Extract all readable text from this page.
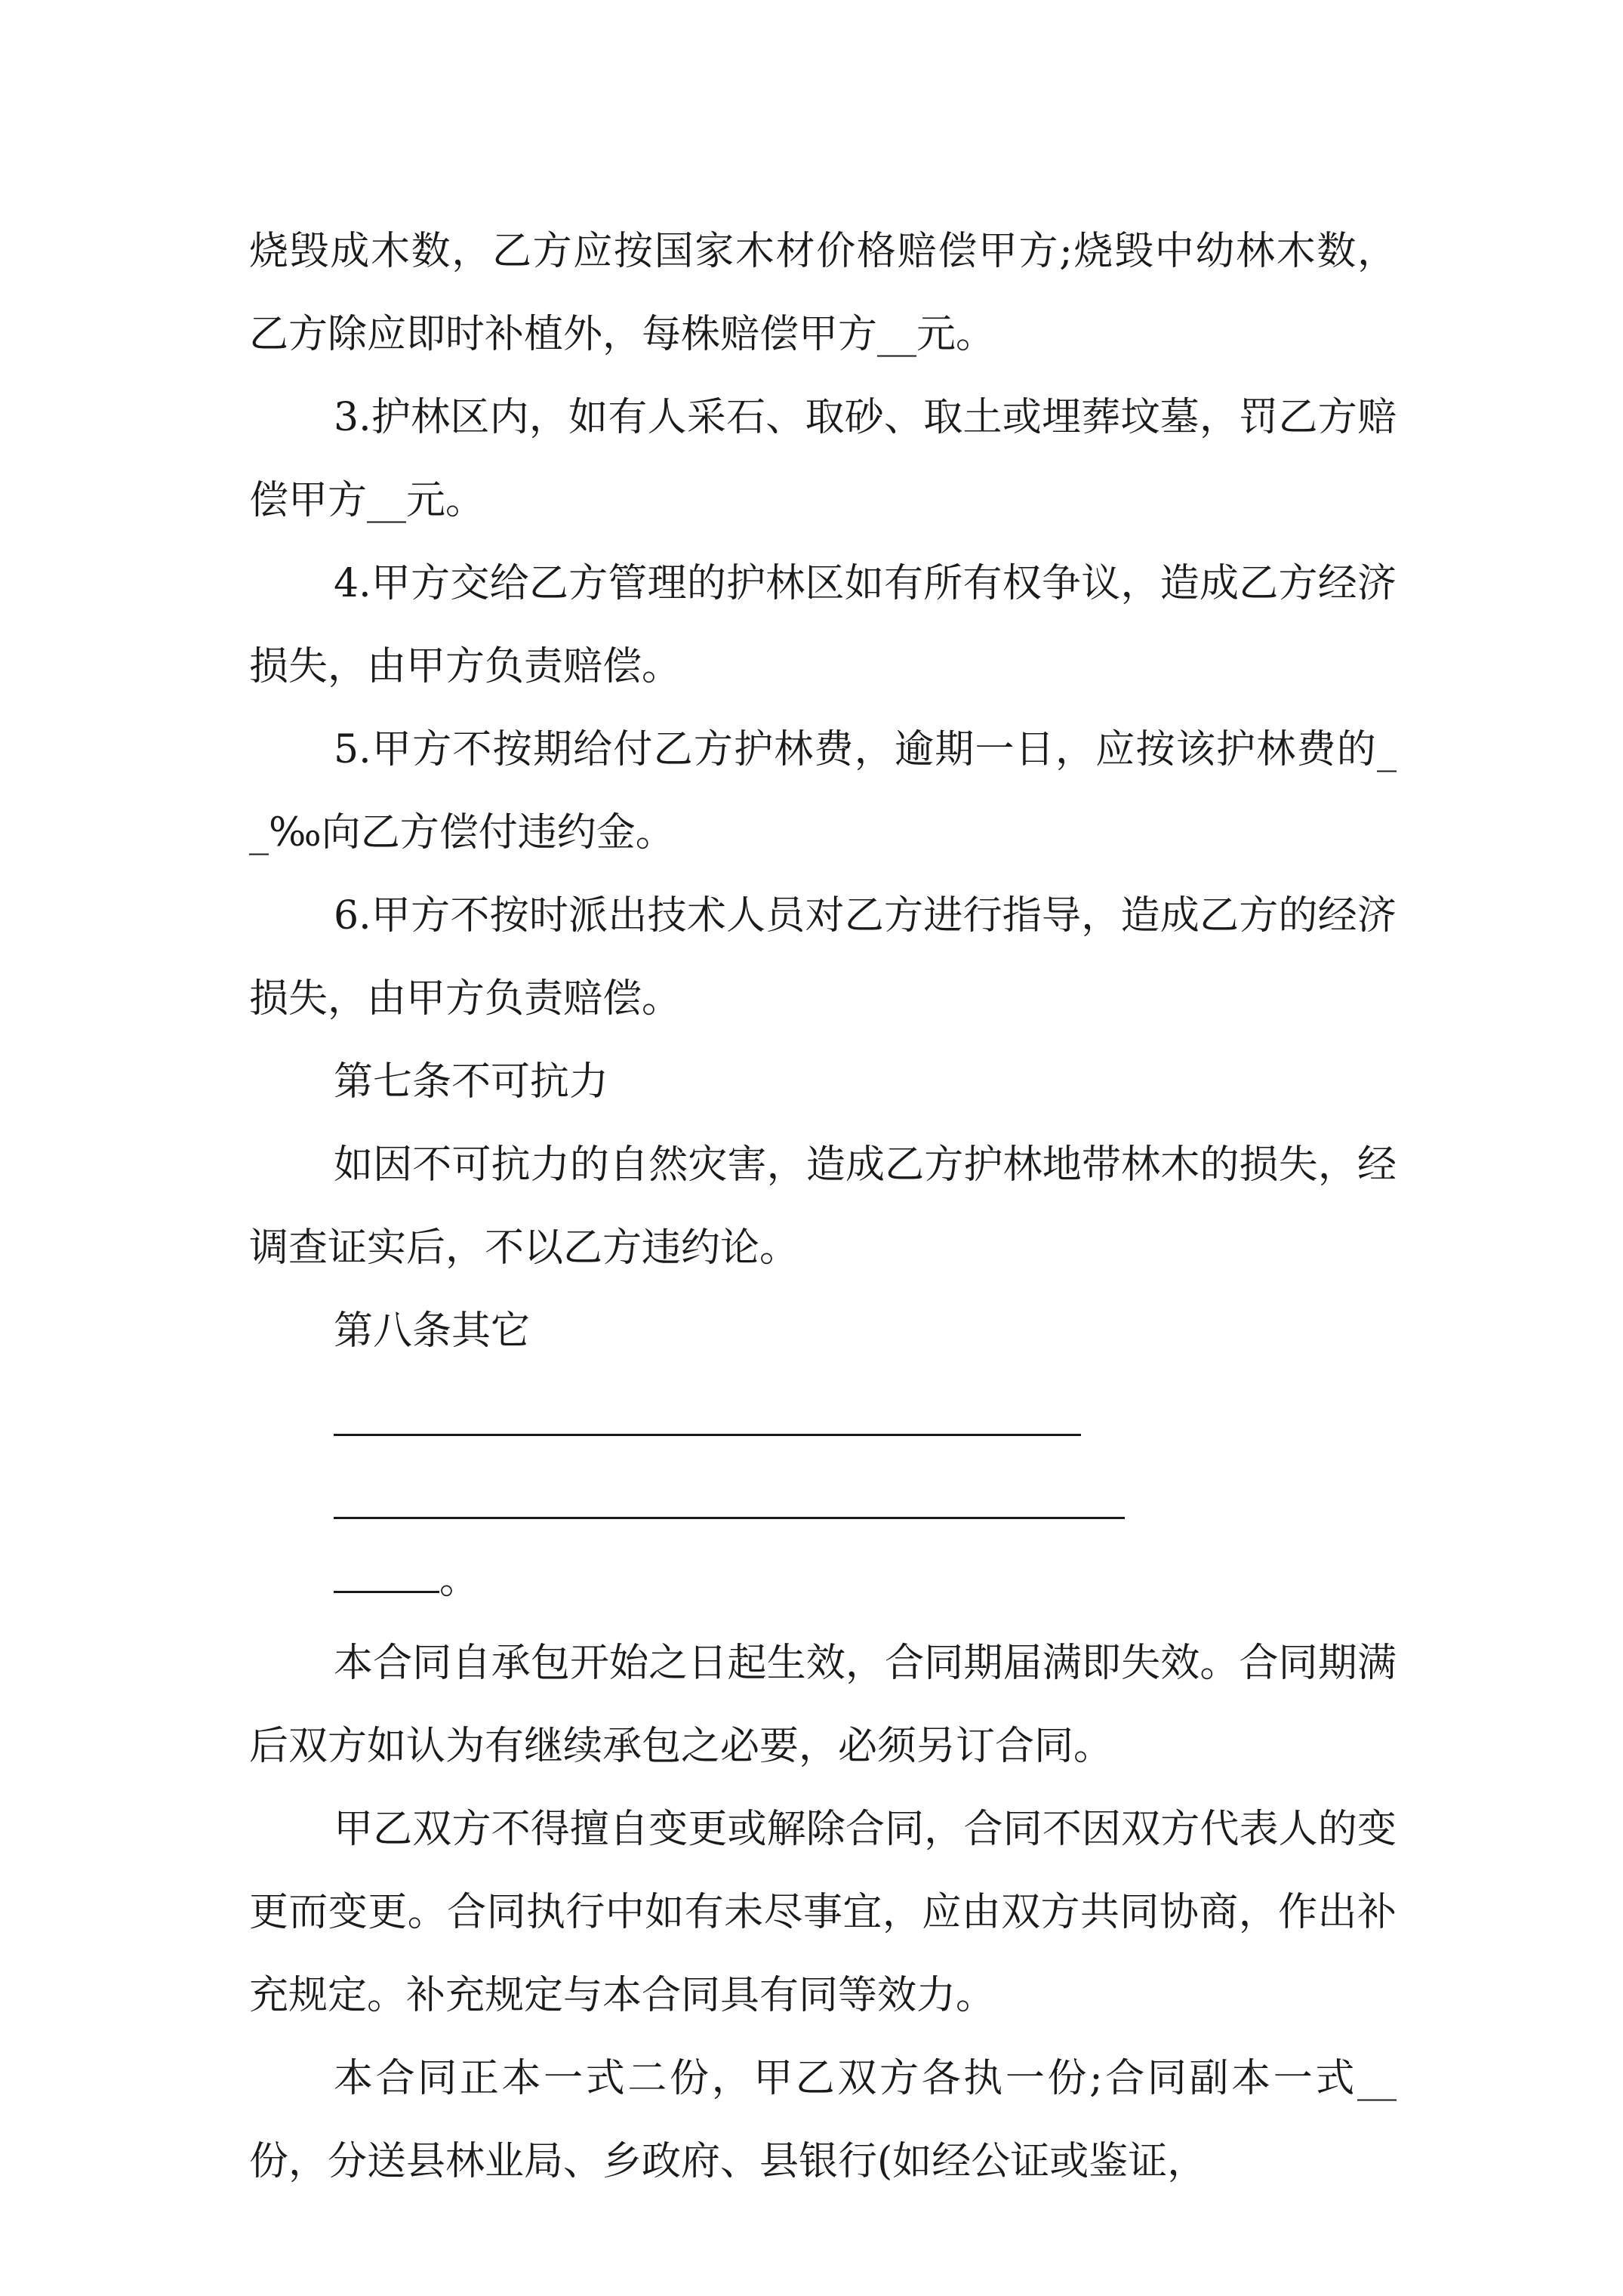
烧毁成木数，乙方应按国家木材价格赔偿甲方;烧毁中幼林木数，乙方除应即时补植外，每株赔偿甲方__元。

3.护林区内，如有人采石、取砂、取土或埋葬坟墓，罚乙方赔偿甲方__元。

4.甲方交给乙方管理的护林区如有所有权争议，造成乙方经济损失，由甲方负责赔偿。

5.甲方不按期给付乙方护林费，逾期一日，应按该护林费的__‰向乙方偿付违约金。

6.甲方不按时派出技术人员对乙方进行指导，造成乙方的经济损失，由甲方负责赔偿。

第七条不可抗力

如因不可抗力的自然灾害，造成乙方护林地带林木的损失，经调查证实后，不以乙方违约论。

第八条其它

。

本合同自承包开始之日起生效，合同期届满即失效。合同期满后双方如认为有继续承包之必要，必须另订合同。

甲乙双方不得擅自变更或解除合同，合同不因双方代表人的变更而变更。合同执行中如有未尽事宜，应由双方共同协商，作出补充规定。补充规定与本合同具有同等效力。

本合同正本一式二份，甲乙双方各执一份;合同副本一式__份，分送县林业局、乡政府、县银行(如经公证或鉴证，
